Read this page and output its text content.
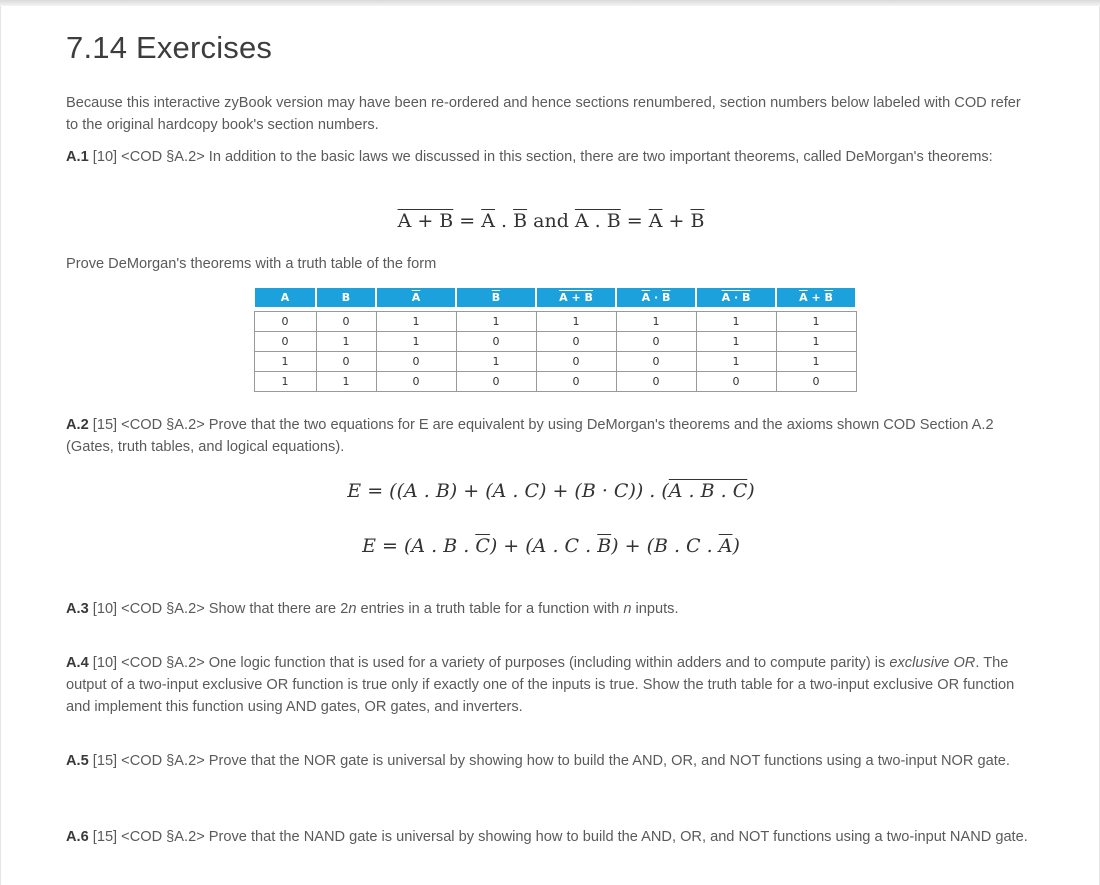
7.14 Exercises

Because this interactive zyBook version may have been re-ordered and hence sections renumbered, section numbers below labeled with COD refer to the original hardcopy book's section numbers.

A.1 [10] <COD §A.2> In addition to the basic laws we discussed in this section, there are two important theorems, called DeMorgan's theorems:

$A + B = \overline{A}$ . $\overline{B}$ and A . $B = \overline{A} + \overline{B}$

Prove DeMorgan's theorems with a truth table of the form

A	B	$\overline{A}$	$\overline{B}$	A + B	$\overline{A} \cdot \overline{B}$	A · B	$\overline{A} + \overline{B}$

0	0	1	1	1	1	1	1
0	1	1	0	0	0	1	1
1	0	0	1	0	0	1	1
1	1	0	0	0	0	0	0

A.2 [15] <COD §A.2> Prove that the two equations for E are equivalent by using DeMorgan's theorems and the axioms shown COD Section A.2 (Gates, truth tables, and logical equations).

E = ((A . B) + (A . C) + (B · C)) . (A . B . C)
E = (A . B . $\overline{C}) + (A$ . C . $\overline{B}) + (B$ . C . $\overline{A}$)

A.3 [10] <COD §A.2> Show that there are 2n entries in a truth table for a function with n inputs.

A.4 [10] <COD §A.2> One logic function that is used for a variety of purposes (including within adders and to compute parity) is exclusive OR. The output of a two-input exclusive OR function is true only if exactly one of the inputs is true. Show the truth table for a two-input exclusive OR function and implement this function using AND gates, OR gates, and inverters.

A.5 [15] <COD §A.2> Prove that the NOR gate is universal by showing how to build the AND, OR, and NOT functions using a two-input NOR gate.

A.6 [15] <COD §A.2> Prove that the NAND gate is universal by showing how to build the AND, OR, and NOT functions using a two-input NAND gate.
